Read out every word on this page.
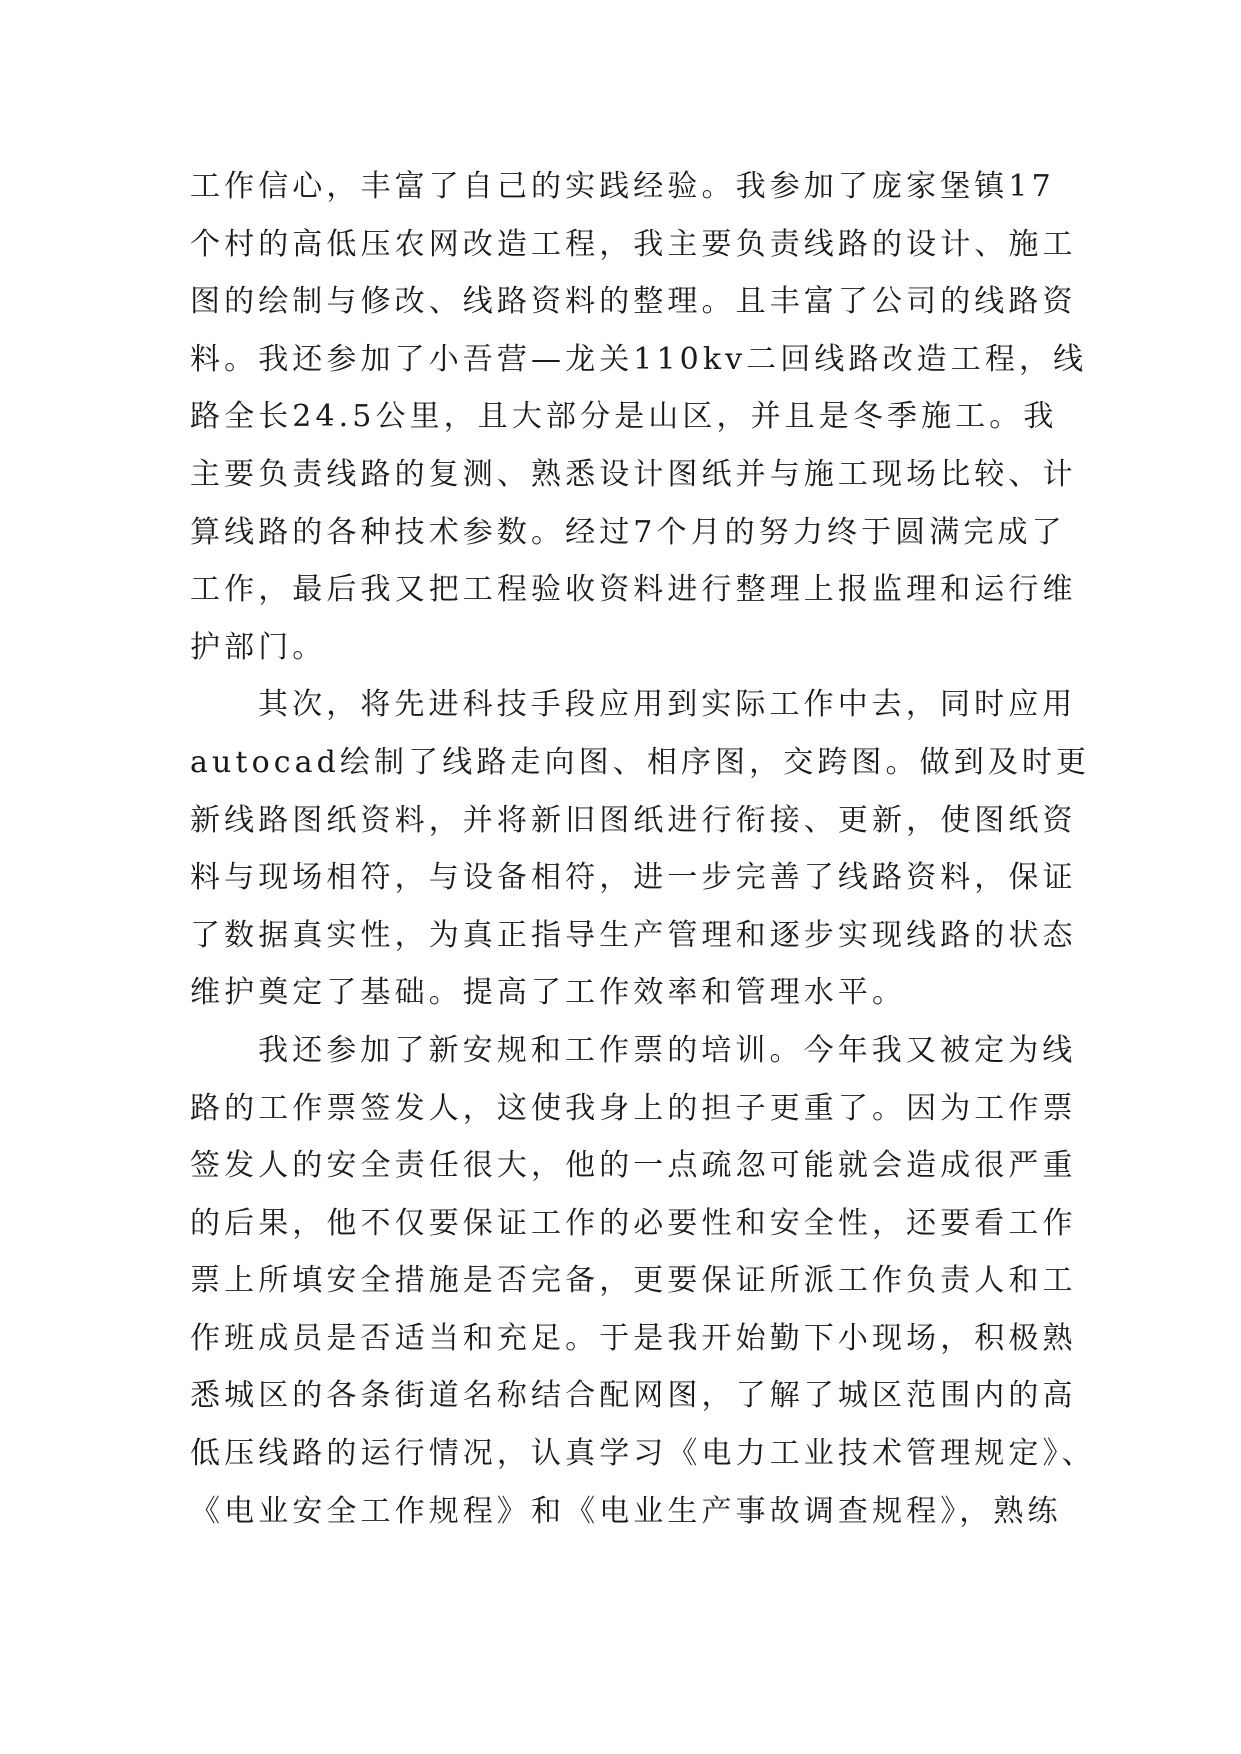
工作信心，丰富了自己的实践经验。我参加了庞家堡镇17
个村的高低压农网改造工程，我主要负责线路的设计、施工
图的绘制与修改、线路资料的整理。且丰富了公司的线路资
料。我还参加了小吾营—龙关110kv二回线路改造工程，线
路全长24.5公里，且大部分是山区，并且是冬季施工。我
主要负责线路的复测、熟悉设计图纸并与施工现场比较、计
算线路的各种技术参数。经过7个月的努力终于圆满完成了
工作，最后我又把工程验收资料进行整理上报监理和运行维
护部门。
其次，将先进科技手段应用到实际工作中去，同时应用
autocad绘制了线路走向图、相序图，交跨图。做到及时更
新线路图纸资料，并将新旧图纸进行衔接、更新，使图纸资
料与现场相符，与设备相符，进一步完善了线路资料，保证
了数据真实性，为真正指导生产管理和逐步实现线路的状态
维护奠定了基础。提高了工作效率和管理水平。
我还参加了新安规和工作票的培训。今年我又被定为线
路的工作票签发人，这使我身上的担子更重了。因为工作票
签发人的安全责任很大，他的一点疏忽可能就会造成很严重
的后果，他不仅要保证工作的必要性和安全性，还要看工作
票上所填安全措施是否完备，更要保证所派工作负责人和工
作班成员是否适当和充足。于是我开始勤下小现场，积极熟
悉城区的各条街道名称结合配网图，了解了城区范围内的高
低压线路的运行情况，认真学习《电力工业技术管理规定》、
《电业安全工作规程》和《电业生产事故调查规程》，熟练
